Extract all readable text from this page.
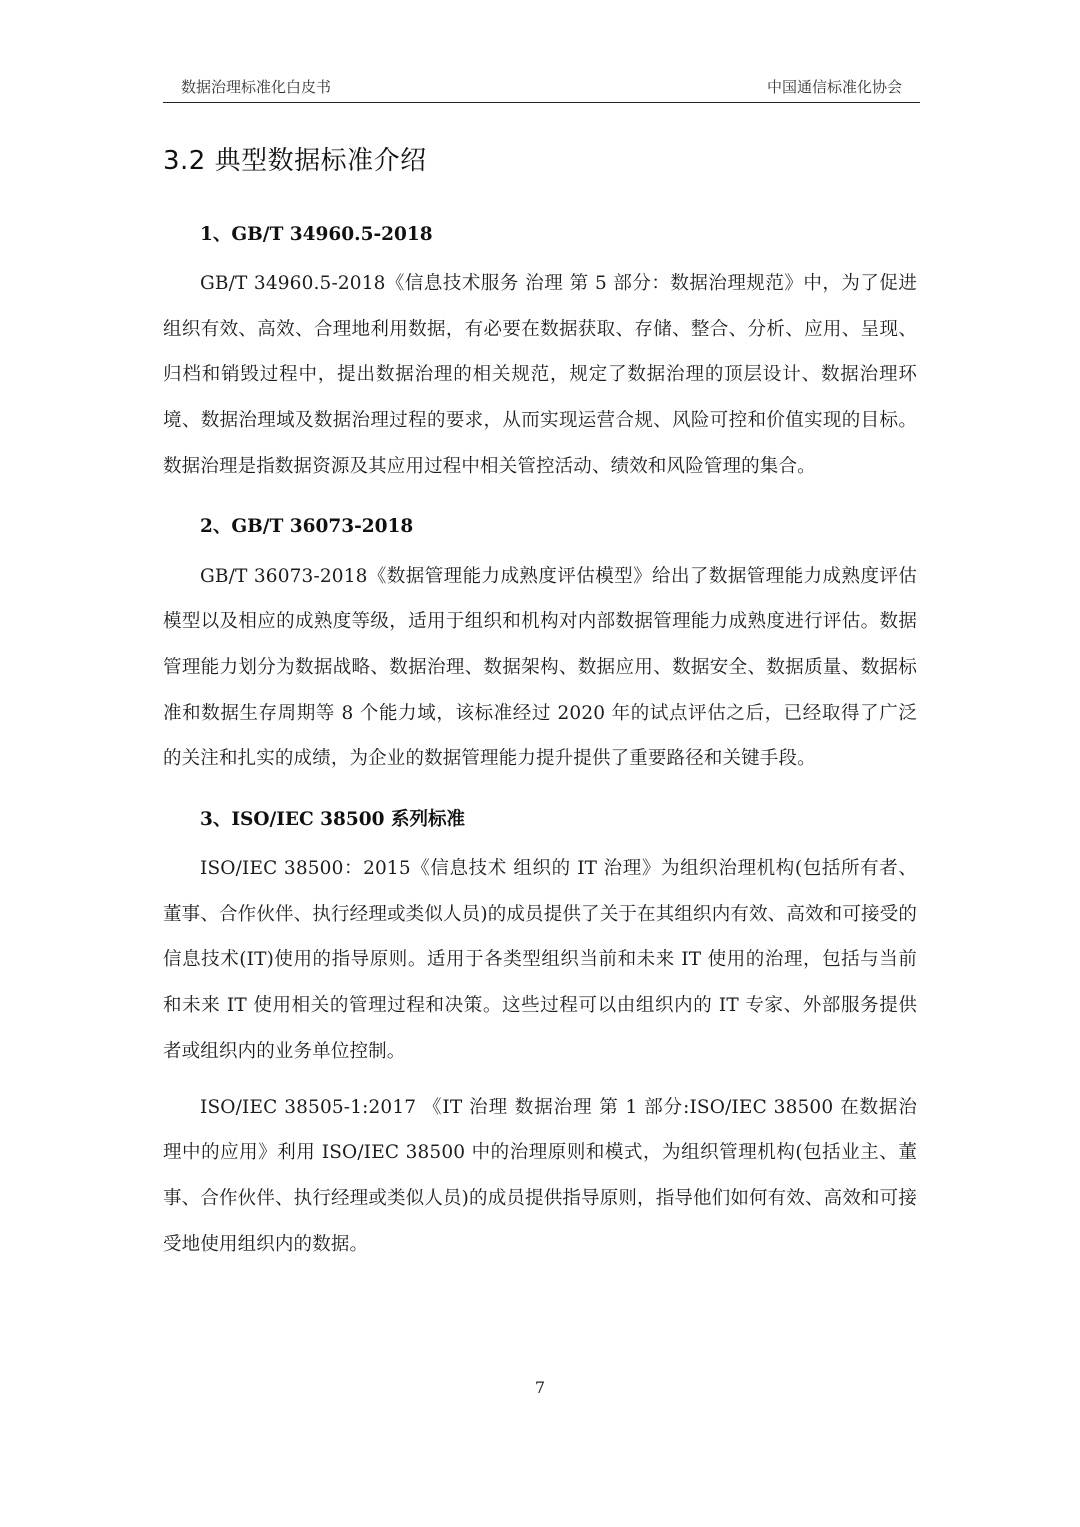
数据治理标准化白皮书	中国通信标准化协会
3.2 典型数据标准介绍
1、GB/T 34960.5-2018

GB/T 34960.5-2018《信息技术服务 治理 第 5 部分：数据治理规范》中，为了促进组织有效、高效、合理地利用数据，有必要在数据获取、存储、整合、分析、应用、呈现、归档和销毁过程中，提出数据治理的相关规范，规定了数据治理的顶层设计、数据治理环境、数据治理域及数据治理过程的要求，从而实现运营合规、风险可控和价值实现的目标。数据治理是指数据资源及其应用过程中相关管控活动、绩效和风险管理的集合。

2、GB/T 36073-2018

GB/T 36073-2018《数据管理能力成熟度评估模型》给出了数据管理能力成熟度评估模型以及相应的成熟度等级，适用于组织和机构对内部数据管理能力成熟度进行评估。数据管理能力划分为数据战略、数据治理、数据架构、数据应用、数据安全、数据质量、数据标准和数据生存周期等 8 个能力域，该标准经过 2020 年的试点评估之后，已经取得了广泛的关注和扎实的成绩，为企业的数据管理能力提升提供了重要路径和关键手段。

3、ISO/IEC 38500 系列标准

ISO/IEC 38500：2015《信息技术 组织的 IT 治理》为组织治理机构(包括所有者、董事、合作伙伴、执行经理或类似人员)的成员提供了关于在其组织内有效、高效和可接受的信息技术(IT)使用的指导原则。适用于各类型组织当前和未来 IT 使用的治理，包括与当前和未来 IT 使用相关的管理过程和决策。这些过程可以由组织内的 IT 专家、外部服务提供者或组织内的业务单位控制。

ISO/IEC 38505-1:2017 《IT 治理 数据治理 第 1 部分:ISO/IEC 38500 在数据治理中的应用》利用 ISO/IEC 38500 中的治理原则和模式，为组织管理机构(包括业主、董事、合作伙伴、执行经理或类似人员)的成员提供指导原则，指导他们如何有效、高效和可接受地使用组织内的数据。

7
